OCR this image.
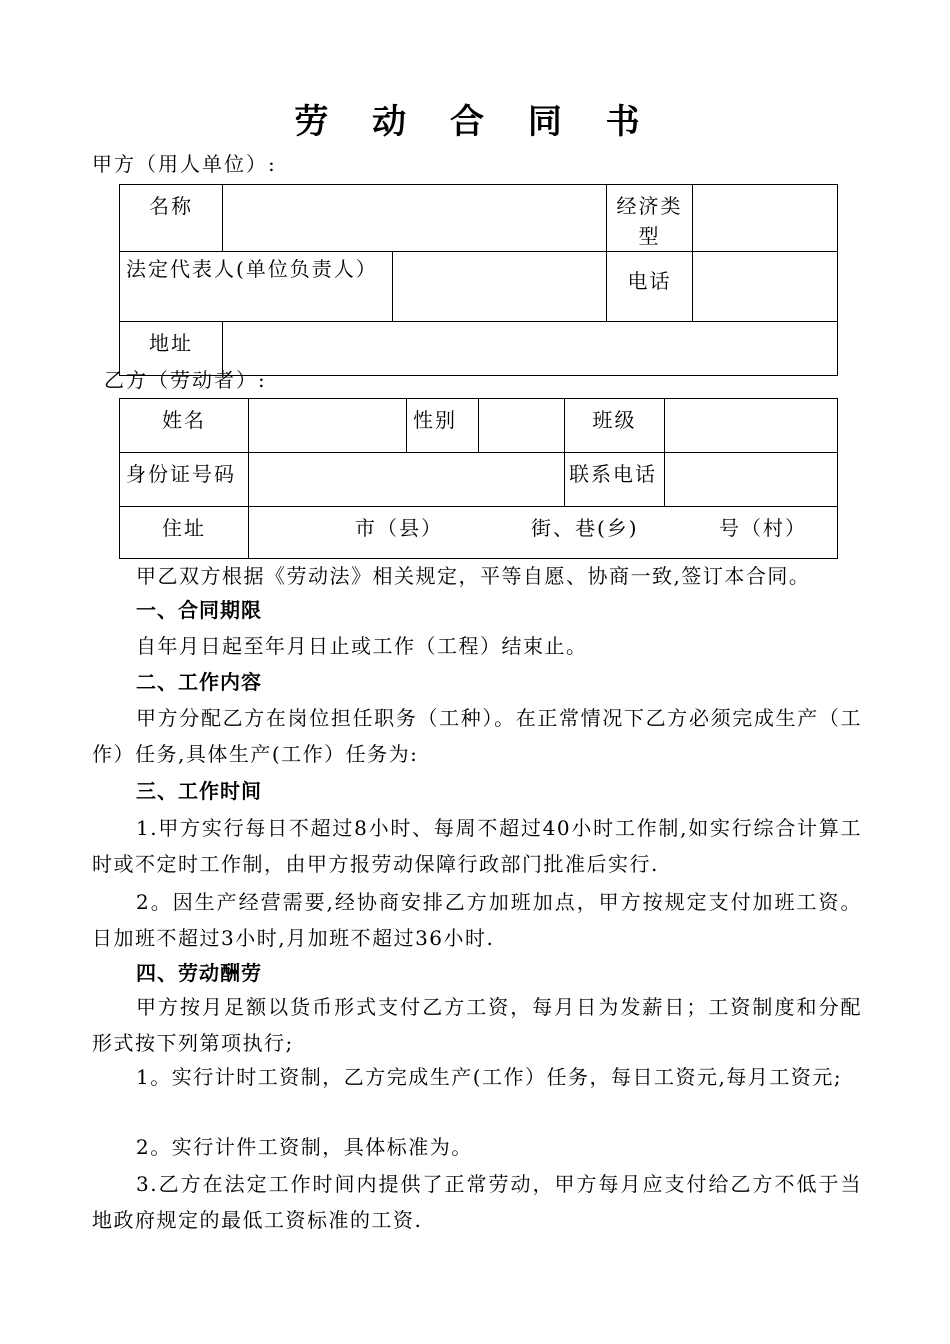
劳 动 合 同 书
甲方（用人单位）:
名称			经济类型	
法定代表人(单位负责人）			电话	
地址				
乙方（劳动者）:
姓名		性别		班级	
身份证号码				联系电话	
住址	市（县） 街、巷(乡) 号（村）				
甲乙双方根据《劳动法》相关规定，平等自愿、协商一致,签订本合同。
一、合同期限
自年月日起至年月日止或工作（工程）结束止。
二、工作内容
甲方分配乙方在岗位担任职务（工种）。在正常情况下乙方必须完成生产（工作）任务,具体生产(工作）任务为:
三、工作时间
1.甲方实行每日不超过8小时、每周不超过40小时工作制,如实行综合计算工时或不定时工作制，由甲方报劳动保障行政部门批准后实行.
2。因生产经营需要,经协商安排乙方加班加点，甲方按规定支付加班工资。日加班不超过3小时,月加班不超过36小时.
四、劳动酬劳
甲方按月足额以货币形式支付乙方工资，每月日为发薪日；工资制度和分配形式按下列第项执行;
1。实行计时工资制，乙方完成生产(工作）任务，每日工资元,每月工资元;
2。实行计件工资制，具体标准为。
3.乙方在法定工作时间内提供了正常劳动，甲方每月应支付给乙方不低于当地政府规定的最低工资标准的工资.
